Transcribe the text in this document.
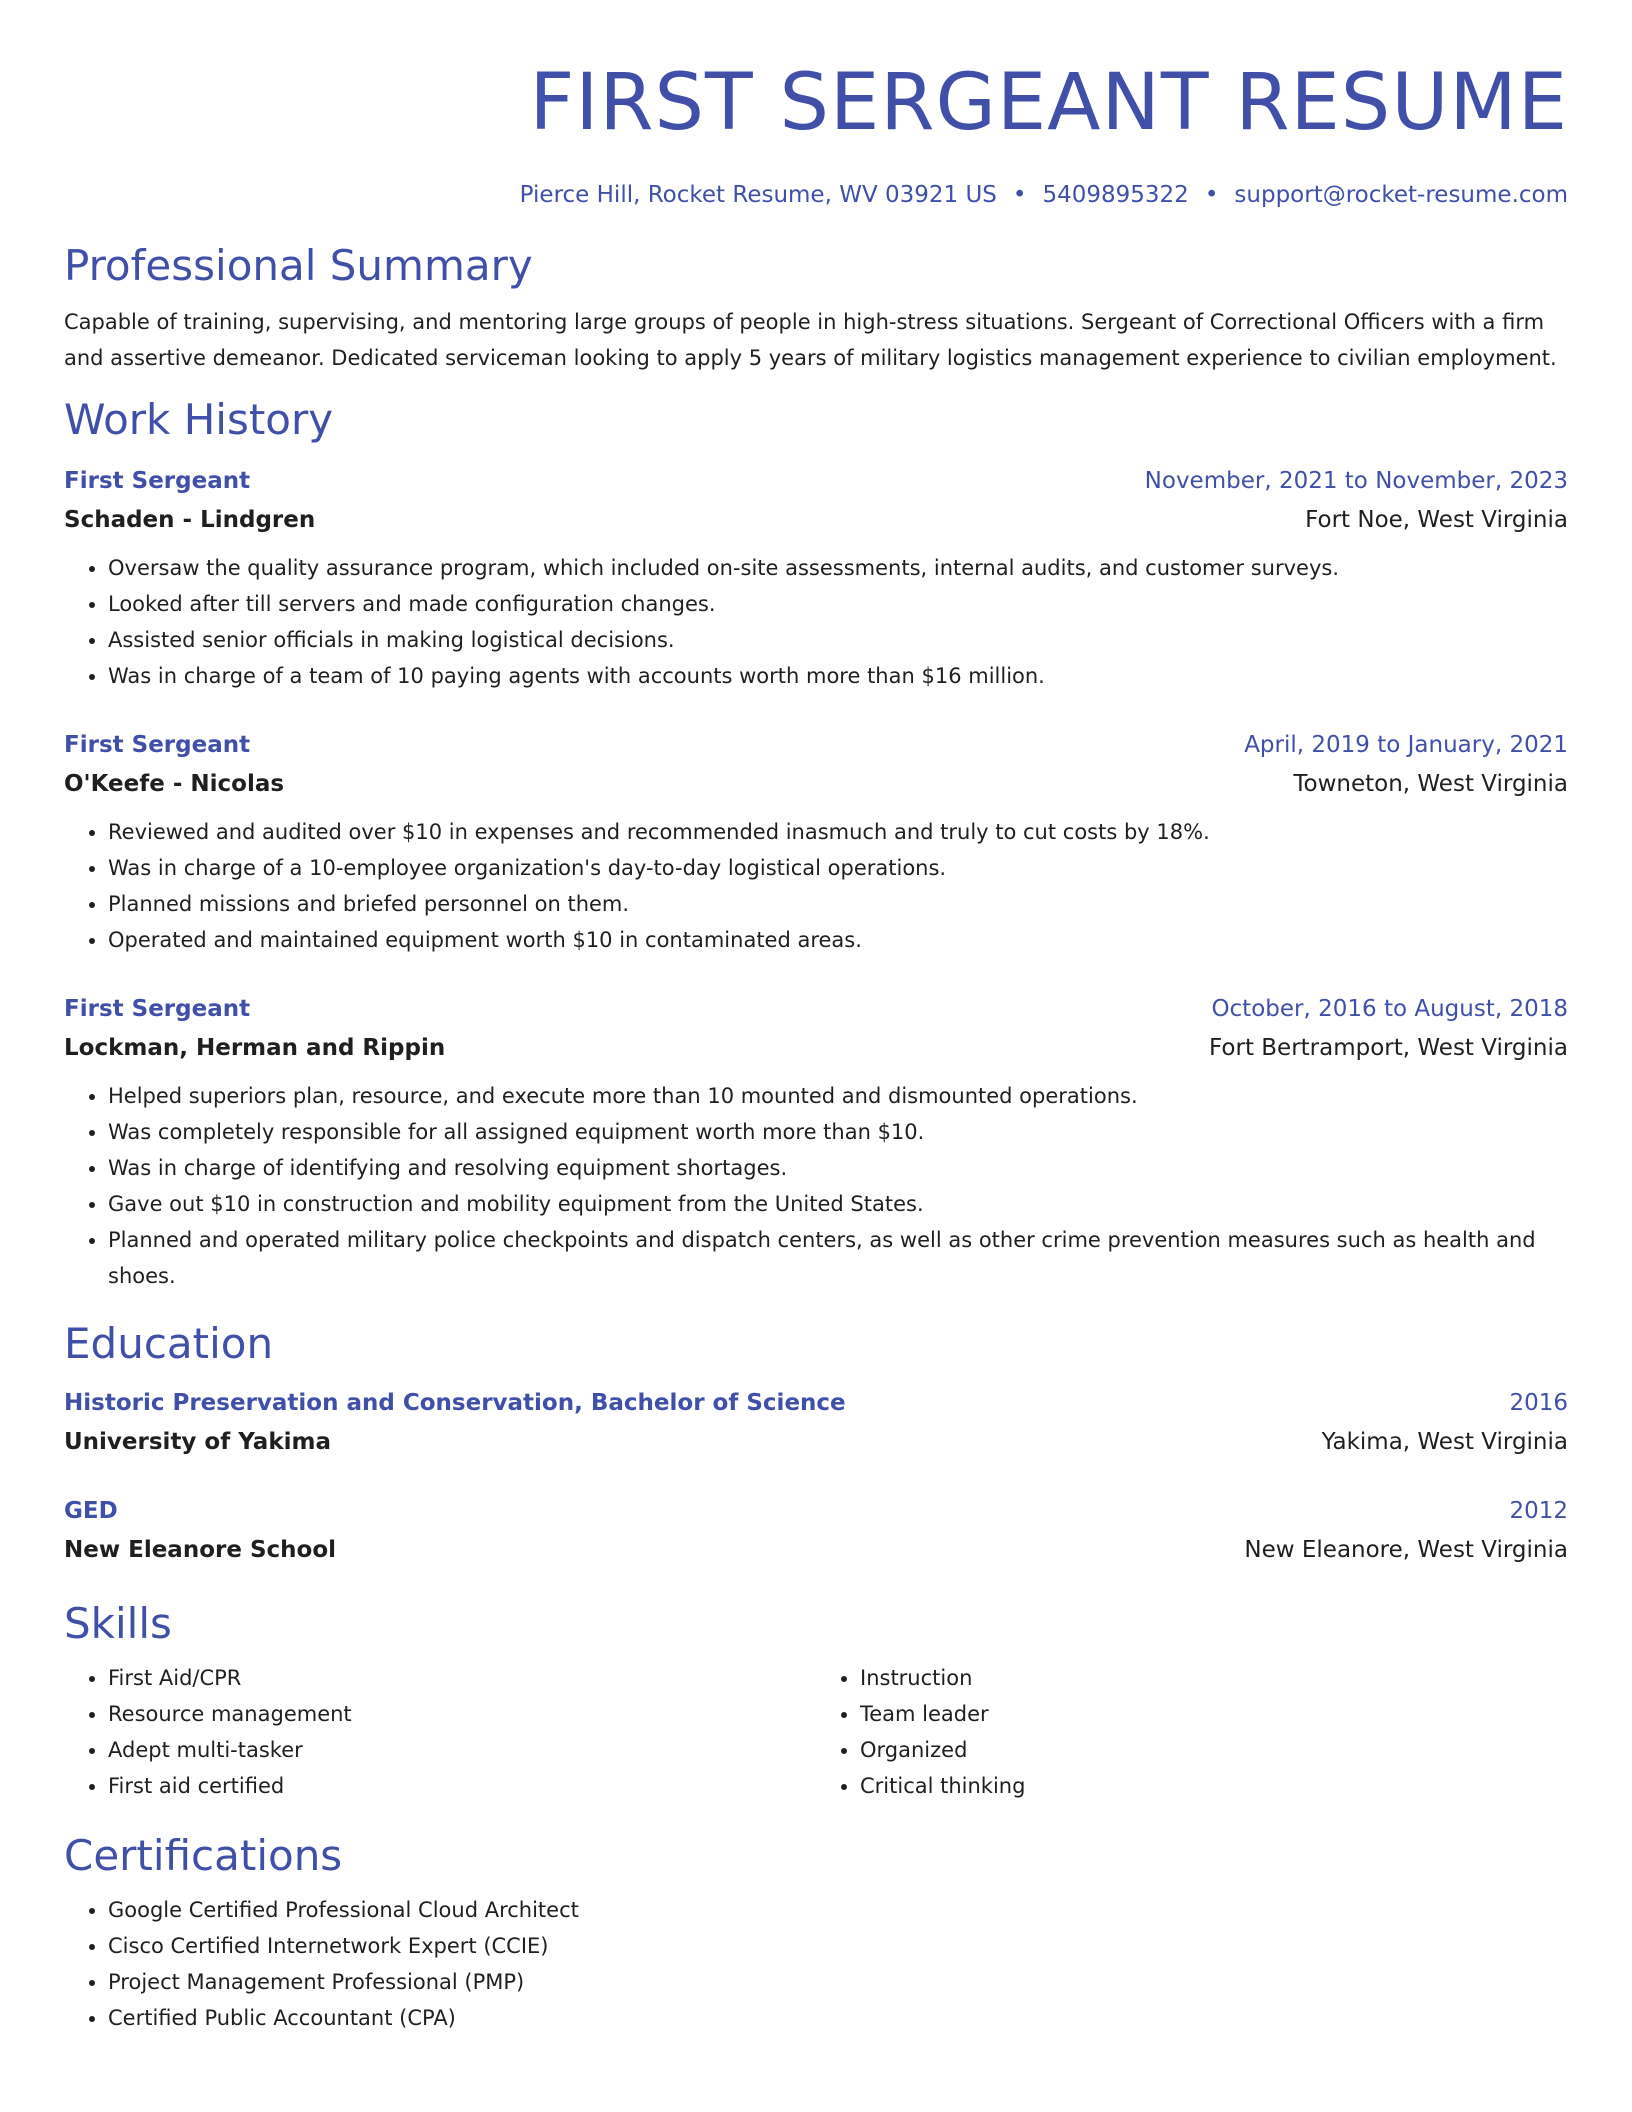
FIRST SERGEANT RESUME
Pierce Hill, Rocket Resume, WV 03921 US • 5409895322 • support@rocket-resume.com
Professional Summary
Capable of training, supervising, and mentoring large groups of people in high-stress situations. Sergeant of Correctional Officers with a firm and assertive demeanor. Dedicated serviceman looking to apply 5 years of military logistics management experience to civilian employment.
Work History
First Sergeant	November, 2021 to November, 2023
Schaden - Lindgren	Fort Noe, West Virginia
• Oversaw the quality assurance program, which included on-site assessments, internal audits, and customer surveys.
• Looked after till servers and made configuration changes.
• Assisted senior officials in making logistical decisions.
• Was in charge of a team of 10 paying agents with accounts worth more than $16 million.
First Sergeant	April, 2019 to January, 2021
O'Keefe - Nicolas	Towneton, West Virginia
• Reviewed and audited over $10 in expenses and recommended inasmuch and truly to cut costs by 18%.
• Was in charge of a 10-employee organization's day-to-day logistical operations.
• Planned missions and briefed personnel on them.
• Operated and maintained equipment worth $10 in contaminated areas.
First Sergeant	October, 2016 to August, 2018
Lockman, Herman and Rippin	Fort Bertramport, West Virginia
• Helped superiors plan, resource, and execute more than 10 mounted and dismounted operations.
• Was completely responsible for all assigned equipment worth more than $10.
• Was in charge of identifying and resolving equipment shortages.
• Gave out $10 in construction and mobility equipment from the United States.
• Planned and operated military police checkpoints and dispatch centers, as well as other crime prevention measures such as health and shoes.
Education
Historic Preservation and Conservation, Bachelor of Science	2016
University of Yakima	Yakima, West Virginia
GED	2012
New Eleanore School	New Eleanore, West Virginia
Skills
• First Aid/CPR
• Resource management
• Adept multi-tasker
• First aid certified
• Instruction
• Team leader
• Organized
• Critical thinking
Certifications
• Google Certified Professional Cloud Architect
• Cisco Certified Internetwork Expert (CCIE)
• Project Management Professional (PMP)
• Certified Public Accountant (CPA)
